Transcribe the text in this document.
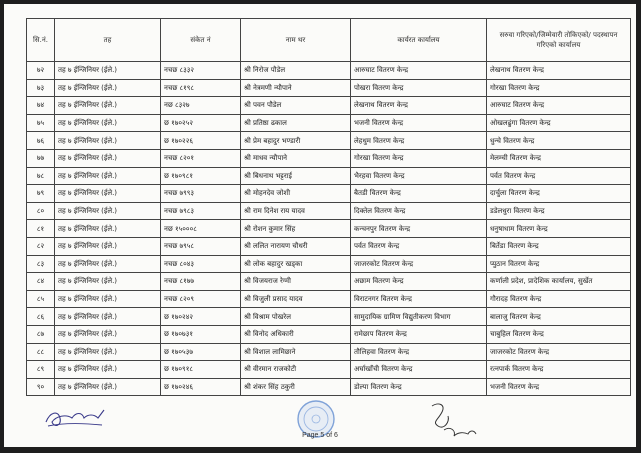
सि.नं.	तह	संकेत नं	नाम थर	कार्यरत कार्यालय	सरुवा गरिएको/जिम्मेवारी तोकिएको/ पदस्थापन गरिएको कार्यालय
७२	तह ७ ईन्जिनियर (ईले.)	नचछ ८३३२	श्री निरोज पौडेल	आरुघाट वितरण केन्द्र	लेखनाथ वितरण केन्द्र
७३	तह ७ ईन्जिनियर (ईले.)	नचछ ८१९८	श्री नेत्रमणी न्यौपाने	पोखरा वितरण केन्द्र	गोरखा वितरण केन्द्र
७४	तह ७ ईन्जिनियर (ईले.)	नछ ८३२७	श्री पवन पौडेल	लेखनाथ वितरण केन्द्र	आरुघाट वितरण केन्द्र
७५	तह ७ ईन्जिनियर (ईले.)	छ १७०२५२	श्री प्रतिष्ठा ढकाल	भजनी वितरण केन्द्र	ओखलढुंगा वितरण केन्द्र
७६	तह ७ ईन्जिनियर (ईले.)	छ १७०२२६	श्री प्रेम बहादुर भण्डारी	लेहधुम वितरण केन्द्र	धुन्चे वितरण केन्द्र
७७	तह ७ ईन्जिनियर (ईले.)	नचछ ८२०१	श्री माधव न्यौपाने	गोरखा वितरण केन्द्र	मेलम्ची वितरण केन्द्र
७८	तह ७ ईन्जिनियर (ईले.)	छ १७०९८१	श्री बिधनाथ भट्टराई	भैरहवा वितरण केन्द्र	पर्वत वितरण केन्द्र
७९	तह ७ ईन्जिनियर (ईले.)	नचछ ७९९३	श्री मोहनदेव जोशी	बैतडी वितरण केन्द्र	दार्चुला वितरण केन्द्र
८०	तह ७ ईन्जिनियर (ईले.)	नचछ ७९८३	श्री राम दिनेश राय यादव	दिक्तेल वितरण केन्द्र	डडेलधुरा वितरण केन्द्र
८१	तह ७ ईन्जिनियर (ईले.)	नछ १५०००८	श्री रोशन कुमार सिंह	कन्चनपुर वितरण केन्द्र	धनुषाधाम वितरण केन्द्र
८२	तह ७ ईन्जिनियर (ईले.)	नचछ ७९५८	श्री ललित नारायण चौधरी	पर्वत वितरण केन्द्र	बिर्तेडा वितरण केन्द्र
८३	तह ७ ईन्जिनियर (ईले.)	नचछ ८०४३	श्री लोक बहादुर खड्का	जाजरकोट वितरण केन्द्र	प्युठान वितरण केन्द्र
८४	तह ७ ईन्जिनियर (ईले.)	नचछ ८१७७	श्री विजयराज रेग्मी	अछाम वितरण केन्द्र	कर्णाली प्रदेश, प्रादेशिक कार्यालय, सुर्खेत
८५	तह ७ ईन्जिनियर (ईले.)	नचछ ८२०९	श्री विजुली प्रसाद यादव	विराटनगर वितरण केन्द्र	गौरादह वितरण केन्द्र
८६	तह ७ ईन्जिनियर (ईले.)	छ १७०२४२	श्री विश्राम पोखरेल	सामुदायिक ग्रामिण विद्युतीकरण विभाग	बालाजु वितरण केन्द्र
८७	तह ७ ईन्जिनियर (ईले.)	छ १७०७३१	श्री विनोद अधिकारी	रामेछाप वितरण केन्द्र	चाबुहिल वितरण केन्द्र
८८	तह ७ ईन्जिनियर (ईले.)	छ १७०५३७	श्री विशाल लामिछाने	तौलिहवा वितरण केन्द्र	जाजरकोट वितरण केन्द्र
८९	तह ७ ईन्जिनियर (ईले.)	छ १७०९१८	श्री वीरमान राजकोटी	अर्घाखाँची वितरण केन्द्र	रत्नपार्क वितरण केन्द्र
९०	तह ७ ईन्जिनियर (ईले.)	छ १७०२४६	श्री शंकर सिंह ठकुरी	डोल्पा वितरण केन्द्र	भजनी वितरण केन्द्र
Page 5 of 6
